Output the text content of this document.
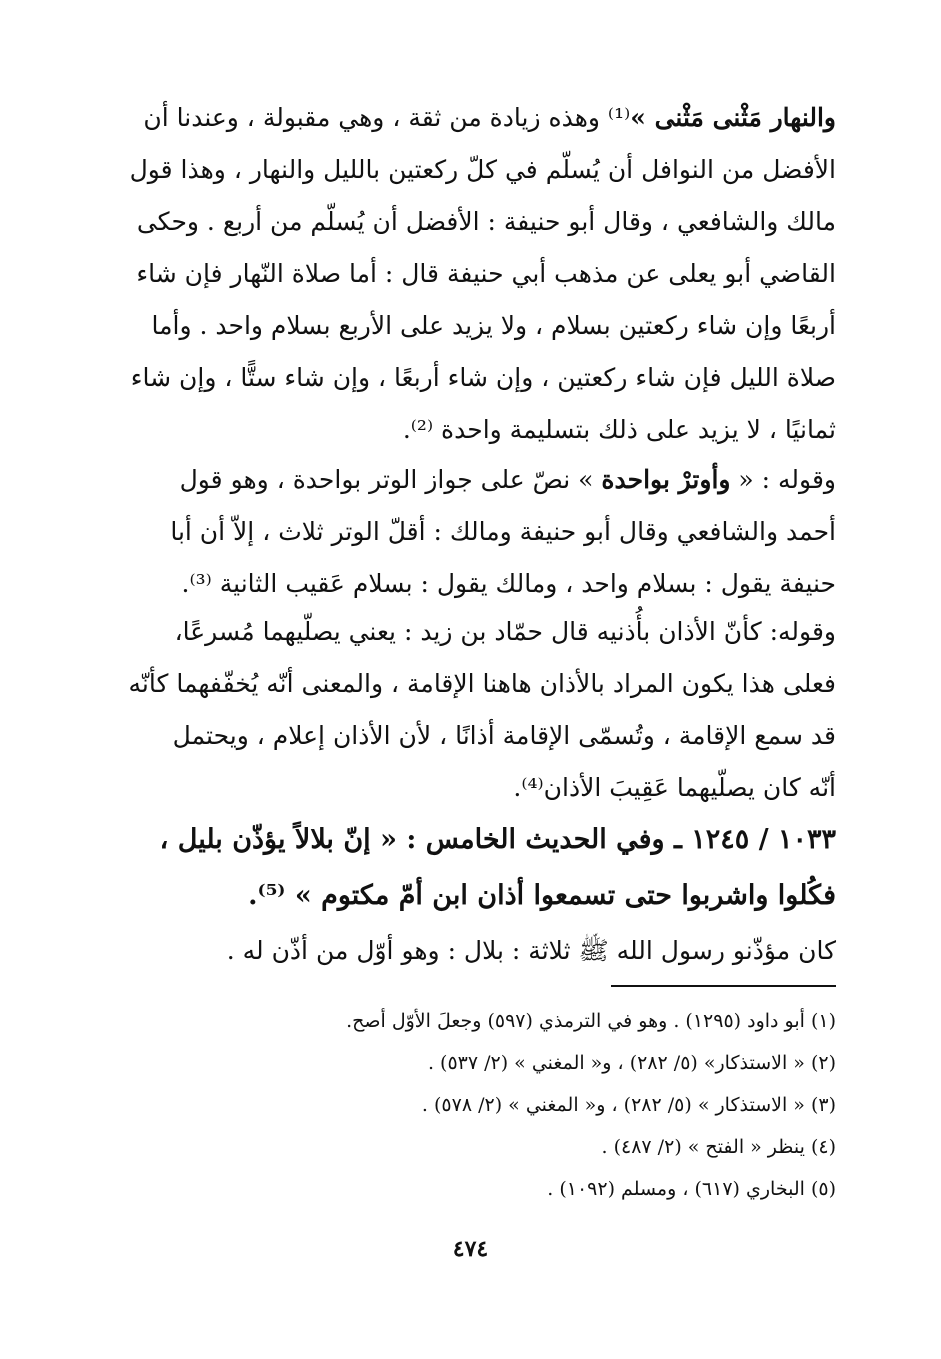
والنهار مَثْنى مَثْنى »⁽¹⁾ وهذه زيادة من ثقة ، وهي مقبولة ، وعندنا أن
الأفضل من النوافل أن يُسلّم في كلّ ركعتين بالليل والنهار ، وهذا قول
مالك والشافعي ، وقال أبو حنيفة : الأفضل أن يُسلّم من أربع . وحكى
القاضي أبو يعلى عن مذهب أبي حنيفة قال : أما صلاة النّهار فإن شاء
أربعًا وإن شاء ركعتين بسلام ، ولا يزيد على الأربع بسلام واحد . وأما
صلاة الليل فإن شاء ركعتين ، وإن شاء أربعًا ، وإن شاء ستًّا ، وإن شاء
ثمانيًا ، لا يزيد على ذلك بتسليمة واحدة ⁽²⁾.
وقوله : « وأوترْ بواحدة » نصّ على جواز الوتر بواحدة ، وهو قول
أحمد والشافعي وقال أبو حنيفة ومالك : أقلّ الوتر ثلاث ، إلاّ أن أبا
حنيفة يقول : بسلام واحد ، ومالك يقول : بسلام عَقيب الثانية ⁽³⁾.
وقوله: كأنّ الأذان بأُذنيه قال حمّاد بن زيد : يعني يصلّيهما مُسرعًا،
فعلى هذا يكون المراد بالأذان هاهنا الإقامة ، والمعنى أنّه يُخفّفهما كأنّه
قد سمع الإقامة ، وتُسمّى الإقامة أذانًا ، لأن الأذان إعلام ، ويحتمل
أنّه كان يصلّيهما عَقِيبَ الأذان⁽⁴⁾.
١٠٣٣ / ١٢٤٥ ـ وفي الحديث الخامس : « إنّ بلالاً يؤذّن بليل ،
فكُلوا واشربوا حتى تسمعوا أذان ابن أمّ مكتوم » ⁽⁵⁾.
كان مؤذّنو رسول الله ﷺ ثلاثة : بلال : وهو أوّل من أذّن له .
(١) أبو داود (١٢٩٥) . وهو في الترمذي (٥٩٧) وجعلَ الأوّل أصح.
(٢) « الاستذكار» (٥/ ٢٨٢) ، و« المغني » (٢/ ٥٣٧) .
(٣) « الاستذكار » (٥/ ٢٨٢) ، و« المغني » (٢/ ٥٧٨) .
(٤) ينظر « الفتح » (٢/ ٤٨٧) .
(٥) البخاري (٦١٧) ، ومسلم (١٠٩٢) .
٤٧٤
